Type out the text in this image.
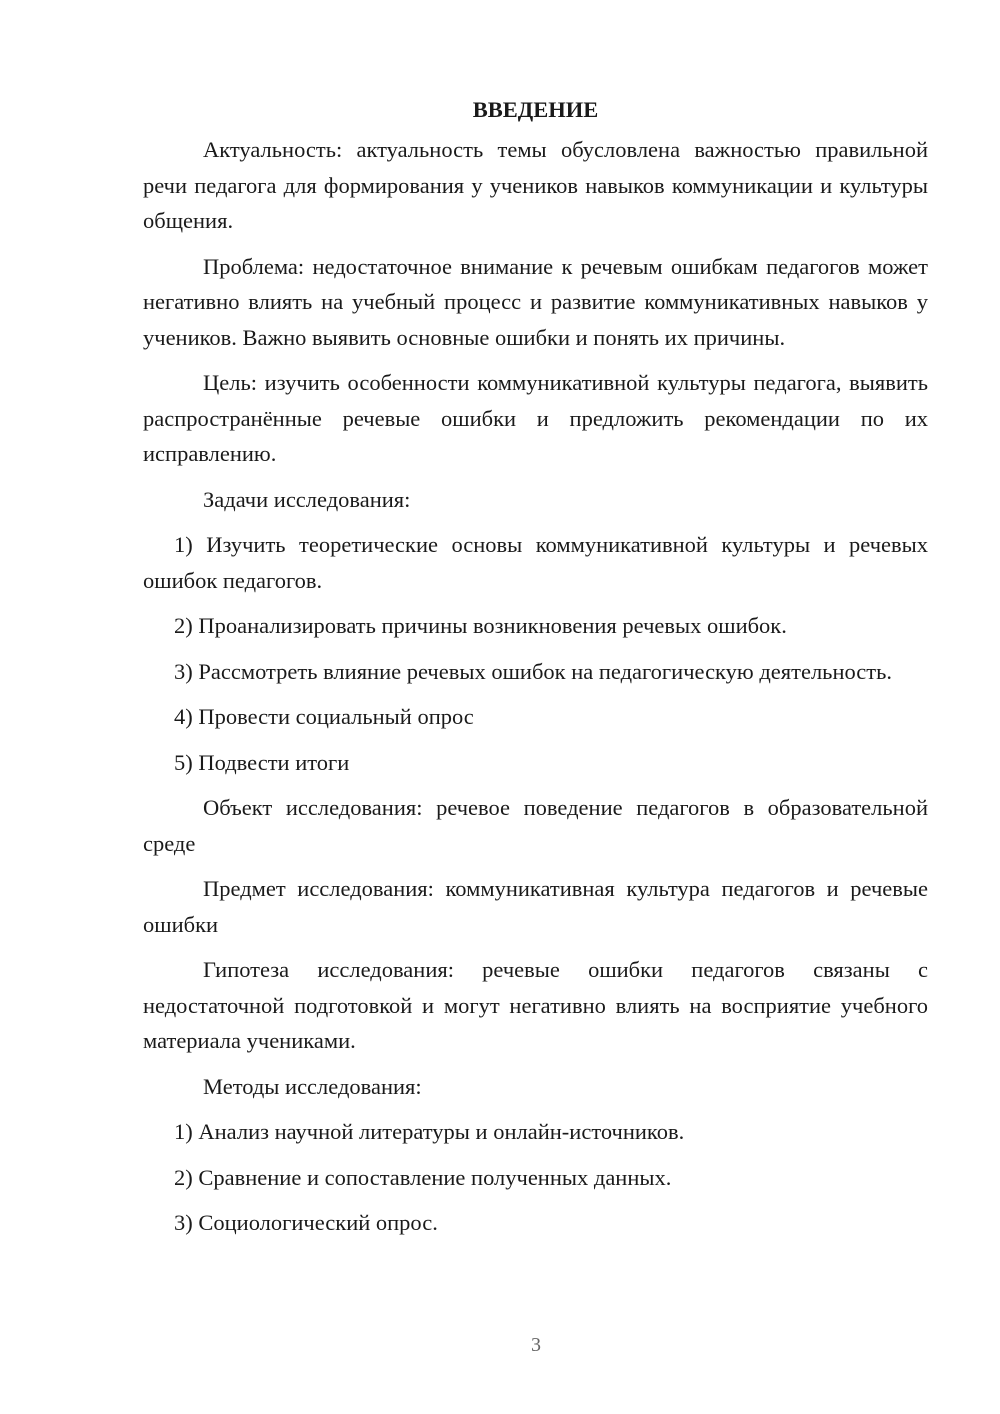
ВВЕДЕНИЕ

Актуальность: актуальность темы обусловлена важностью правильной речи педагога для формирования у учеников навыков коммуникации и культуры общения.

Проблема: недостаточное внимание к речевым ошибкам педагогов может негативно влиять на учебный процесс и развитие коммуникативных навыков у учеников. Важно выявить основные ошибки и понять их причины.

Цель: изучить особенности коммуникативной культуры педагога, выявить распространённые речевые ошибки и предложить рекомендации по их исправлению.

Задачи исследования:

1) Изучить теоретические основы коммуникативной культуры и речевых ошибок педагогов.

2) Проанализировать причины возникновения речевых ошибок.

3) Рассмотреть влияние речевых ошибок на педагогическую деятельность.

4) Провести социальный опрос

5) Подвести итоги

Объект исследования: речевое поведение педагогов в образовательной среде

Предмет исследования: коммуникативная культура педагогов и речевые ошибки

Гипотеза исследования: речевые ошибки педагогов связаны с недостаточной подготовкой и могут негативно влиять на восприятие учебного материала учениками.

Методы исследования:

1) Анализ научной литературы и онлайн-источников.

2) Сравнение и сопоставление полученных данных.

3) Социологический опрос.

3
